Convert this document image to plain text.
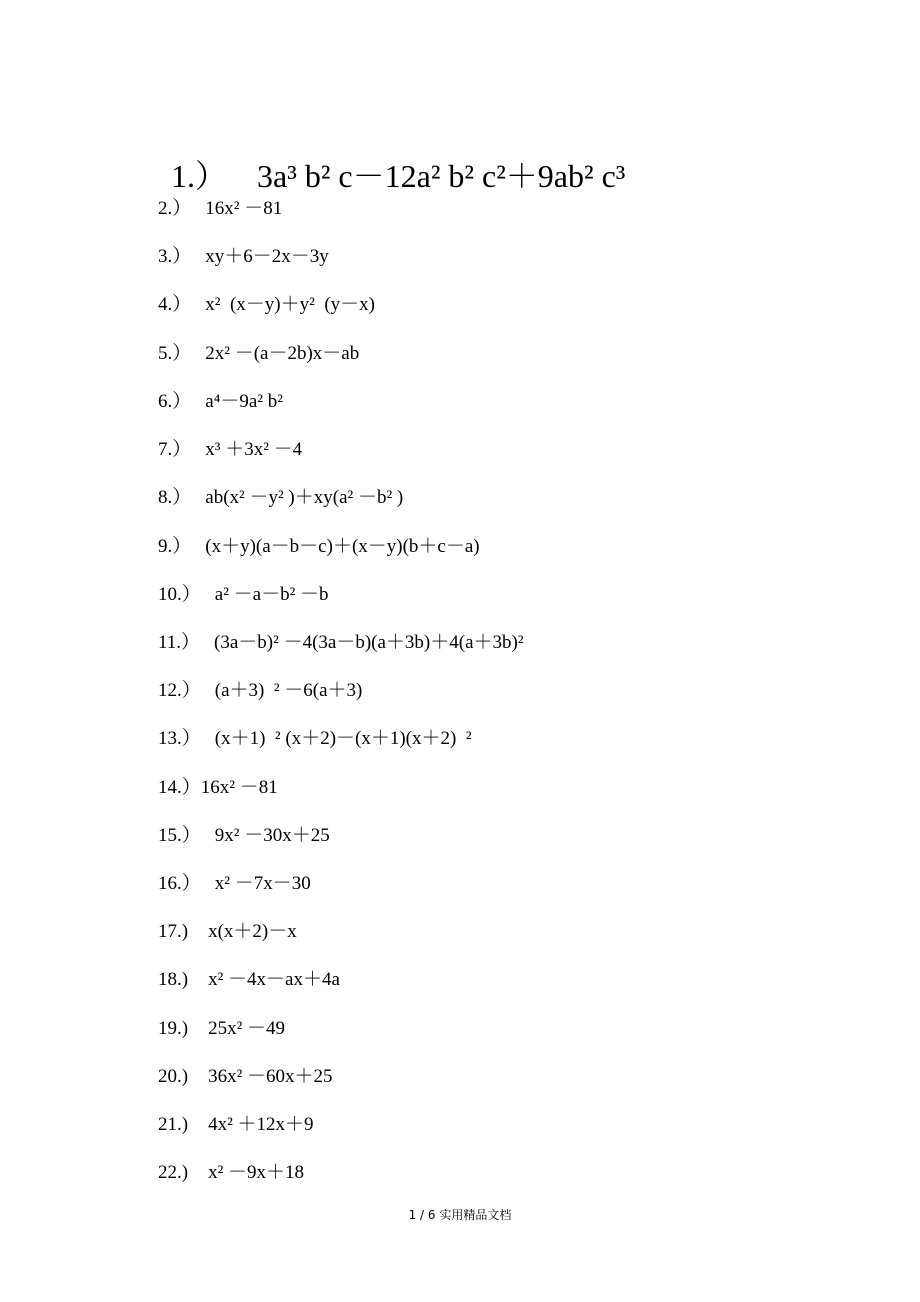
1.） 3a³ b² c－12a² b² c²＋9ab² c³

2.） 16x² －81

3.） xy＋6－2x－3y

4.） x²  (x－y)＋y²  (y－x)

5.） 2x² －(a－2b)x－ab

6.） a⁴－9a² b²

7.） x³ ＋3x² －4

8.） ab(x² －y² )＋xy(a² －b² )

9.） (x＋y)(a－b－c)＋(x－y)(b＋c－a)

10.） a² －a－b² －b

11.） (3a－b)² －4(3a－b)(a＋3b)＋4(a＋3b)²

12.） (a＋3)  ² －6(a＋3)

13.） (x＋1)  ² (x＋2)－(x＋1)(x＋2)  ²

14.）16x² －81

15.） 9x² －30x＋25

16.） x² －7x－30

17.) x(x＋2)－x

18.) x² －4x－ax＋4a

19.) 25x² －49

20.) 36x² －60x＋25

21.) 4x² ＋12x＋9

22.) x² －9x＋18

1 / 6 实用精品文档
